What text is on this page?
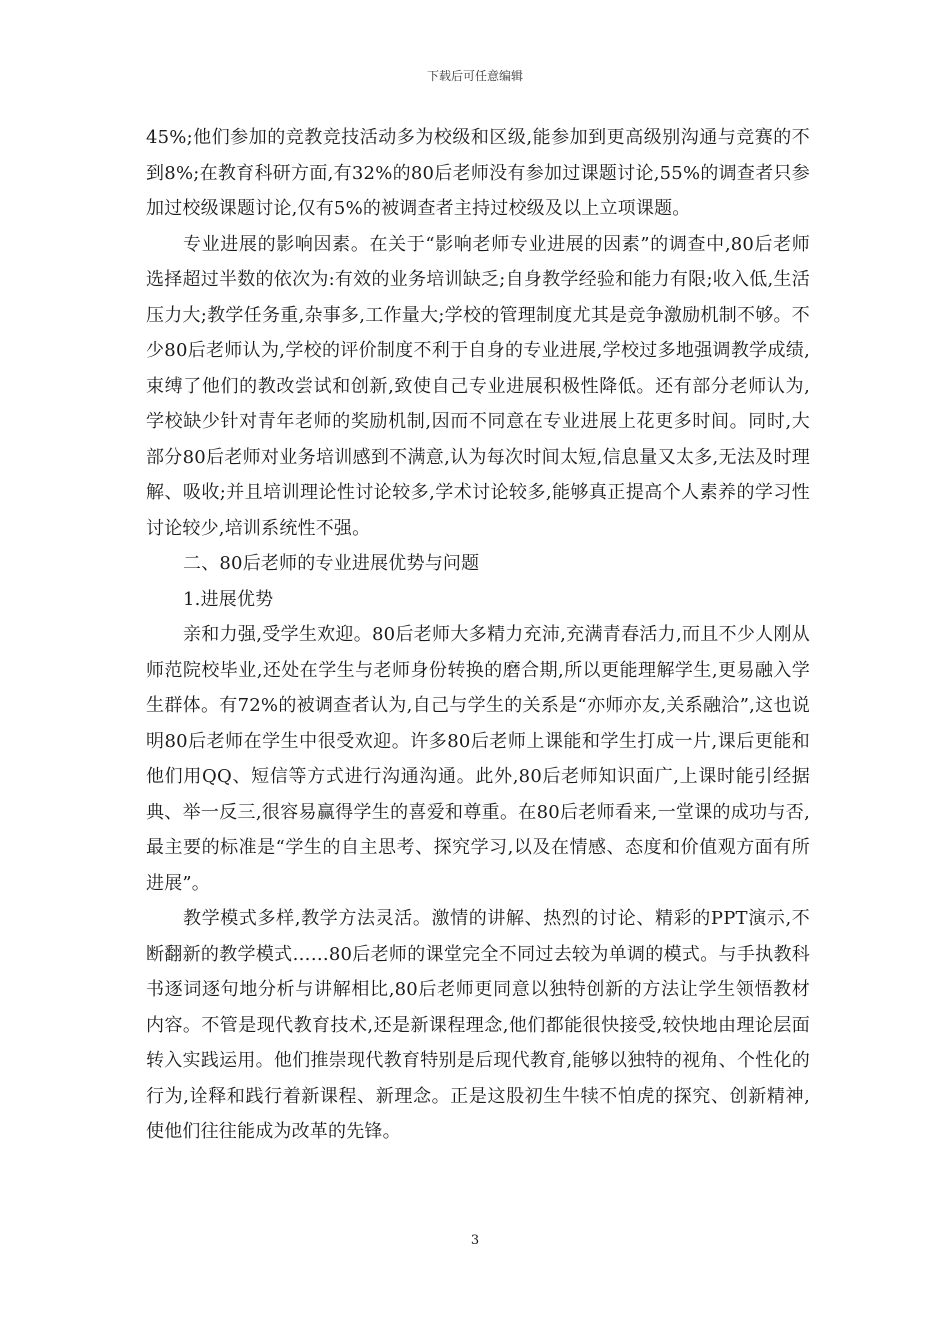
下载后可任意编辑

45%;他们参加的竞教竞技活动多为校级和区级,能参加到更高级别沟通与竞赛的不到8%;在教育科研方面,有32%的80后老师没有参加过课题讨论,55%的调查者只参加过校级课题讨论,仅有5%的被调查者主持过校级及以上立项课题。

专业进展的影响因素。在关于“影响老师专业进展的因素”的调查中,80后老师选择超过半数的依次为:有效的业务培训缺乏;自身教学经验和能力有限;收入低,生活压力大;教学任务重,杂事多,工作量大;学校的管理制度尤其是竞争激励机制不够。不少80后老师认为,学校的评价制度不利于自身的专业进展,学校过多地强调教学成绩,束缚了他们的教改尝试和创新,致使自己专业进展积极性降低。还有部分老师认为,学校缺少针对青年老师的奖励机制,因而不同意在专业进展上花更多时间。同时,大部分80后老师对业务培训感到不满意,认为每次时间太短,信息量又太多,无法及时理解、吸收;并且培训理论性讨论较多,学术讨论较多,能够真正提高个人素养的学习性讨论较少,培训系统性不强。

二、80后老师的专业进展优势与问题

1.进展优势

亲和力强,受学生欢迎。80后老师大多精力充沛,充满青春活力,而且不少人刚从师范院校毕业,还处在学生与老师身份转换的磨合期,所以更能理解学生,更易融入学生群体。有72%的被调查者认为,自己与学生的关系是“亦师亦友,关系融洽”,这也说明80后老师在学生中很受欢迎。许多80后老师上课能和学生打成一片,课后更能和他们用QQ、短信等方式进行沟通沟通。此外,80后老师知识面广,上课时能引经据典、举一反三,很容易赢得学生的喜爱和尊重。在80后老师看来,一堂课的成功与否,最主要的标准是“学生的自主思考、探究学习,以及在情感、态度和价值观方面有所进展”。

教学模式多样,教学方法灵活。激情的讲解、热烈的讨论、精彩的PPT演示,不断翻新的教学模式……80后老师的课堂完全不同过去较为单调的模式。与手执教科书逐词逐句地分析与讲解相比,80后老师更同意以独特创新的方法让学生领悟教材内容。不管是现代教育技术,还是新课程理念,他们都能很快接受,较快地由理论层面转入实践运用。他们推崇现代教育特别是后现代教育,能够以独特的视角、个性化的行为,诠释和践行着新课程、新理念。正是这股初生牛犊不怕虎的探究、创新精神,使他们往往能成为改革的先锋。

3
